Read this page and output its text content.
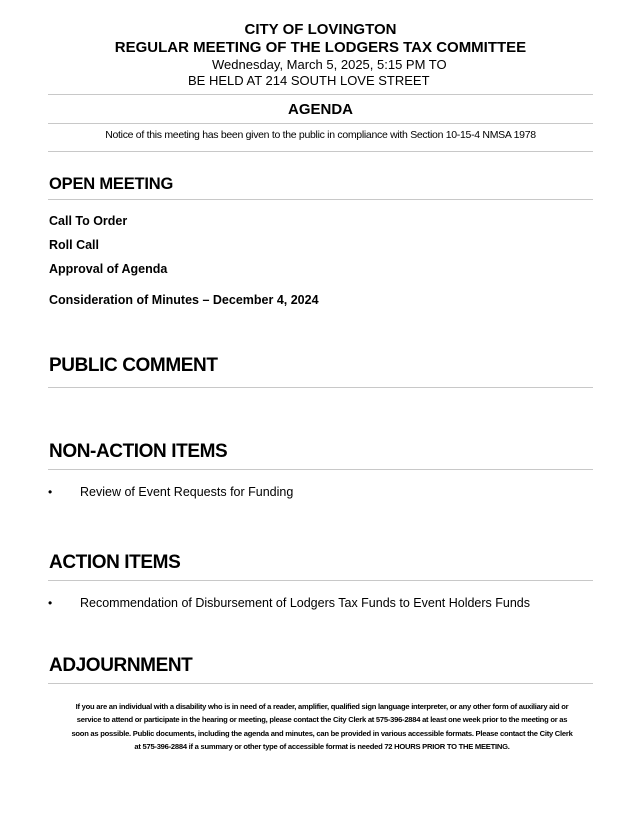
CITY OF LOVINGTON
REGULAR MEETING OF THE LODGERS TAX COMMITTEE
Wednesday, March 5, 2025, 5:15 PM TO
BE HELD AT 214 SOUTH LOVE STREET
AGENDA
Notice of this meeting has been given to the public in compliance with Section 10-15-4 NMSA 1978
OPEN MEETING
Call To Order
Roll Call
Approval of Agenda
Consideration of Minutes – December 4, 2024
PUBLIC COMMENT
NON-ACTION ITEMS
• Review of Event Requests for Funding
ACTION ITEMS
• Recommendation of Disbursement of Lodgers Tax Funds to Event Holders Funds
ADJOURNMENT
If you are an individual with a disability who is in need of a reader, amplifier, qualified sign language interpreter, or any other form of auxiliary aid or
service to attend or participate in the hearing or meeting, please contact the City Clerk at 575-396-2884 at least one week prior to the meeting or as
soon as possible. Public documents, including the agenda and minutes, can be provided in various accessible formats. Please contact the City Clerk
at 575-396-2884 if a summary or other type of accessible format is needed 72 HOURS PRIOR TO THE MEETING.
